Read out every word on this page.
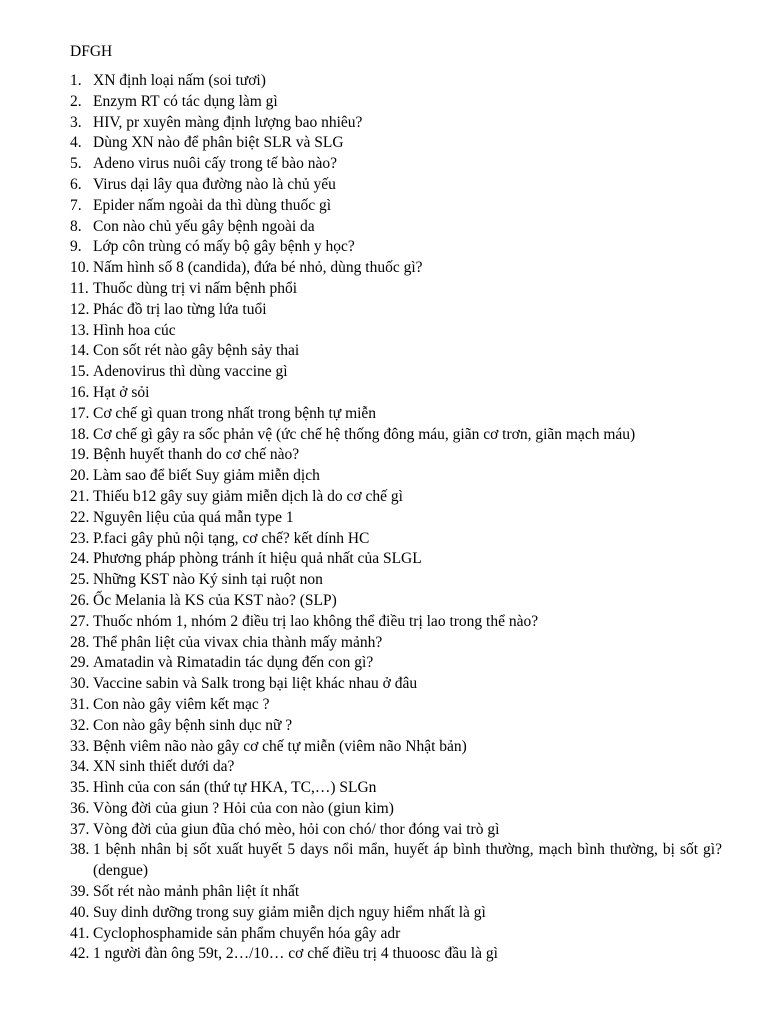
DFGH
1. XN định loại nấm (soi tươi)
2. Enzym RT có tác dụng làm gì
3. HIV, pr xuyên màng định lượng bao nhiêu?
4. Dùng XN nào để phân biệt SLR và SLG
5. Adeno virus nuôi cấy trong tế bào nào?
6. Virus dại lây qua đường nào là chủ yếu
7. Epider nấm ngoài da thì dùng thuốc gì
8. Con nào chủ yếu gây bệnh ngoài da
9. Lớp côn trùng có mấy bộ gây bệnh y học?
10. Nấm hình số 8 (candida), đứa bé nhỏ, dùng thuốc gì?
11. Thuốc dùng trị vi nấm bệnh phổi
12. Phác đồ trị lao từng lứa tuổi
13. Hình hoa cúc
14. Con sốt rét nào gây bệnh sảy thai
15. Adenovirus thì dùng vaccine gì
16. Hạt ở sỏi
17. Cơ chế gì quan trong nhất trong bệnh tự miễn
18. Cơ chế gì gây ra sốc phản vệ (ức chế hệ thống đông máu, giãn cơ trơn, giãn mạch máu)
19. Bệnh huyết thanh do cơ chế nào?
20. Làm sao để biết Suy giảm miễn dịch
21. Thiếu b12 gây suy giảm miễn dịch là do cơ chế gì
22. Nguyên liệu của quá mẫn type 1
23. P.faci gây phủ nội tạng, cơ chế? kết dính HC
24. Phương pháp phòng tránh ít hiệu quả nhất của SLGL
25. Những KST nào Ký sinh tại ruột non
26. Ốc Melania là KS của KST nào? (SLP)
27. Thuốc nhóm 1, nhóm 2 điều trị lao không thể điều trị lao trong thể nào?
28. Thể phân liệt của vivax chia thành mấy mảnh?
29. Amatadin và Rimatadin tác dụng đến con gì?
30. Vaccine sabin và Salk trong bại liệt khác nhau ở đâu
31. Con nào gây viêm kết mạc ?
32. Con nào gây bệnh sinh dục nữ ?
33. Bệnh viêm não nào gây cơ chế tự miễn (viêm não Nhật bản)
34. XN sinh thiết dưới da?
35. Hình của con sán (thứ tự HKA, TC,…) SLGn
36. Vòng đời của giun ? Hỏi của con nào (giun kim)
37. Vòng đời của giun đũa chó mèo, hỏi con chó/ thor đóng vai trò gì
38. 1 bệnh nhân bị sốt xuất huyết 5 days nổi mẩn, huyết áp bình thường, mạch bình thường, bị sốt gì? (dengue)
39. Sốt rét nào mảnh phân liệt ít nhất
40. Suy dinh dưỡng trong suy giảm miễn dịch nguy hiểm nhất là gì
41. Cyclophosphamide sản phẩm chuyển hóa gây adr
42. 1 người đàn ông 59t, 2…/10… cơ chế điều trị 4 thuoosc đầu là gì
